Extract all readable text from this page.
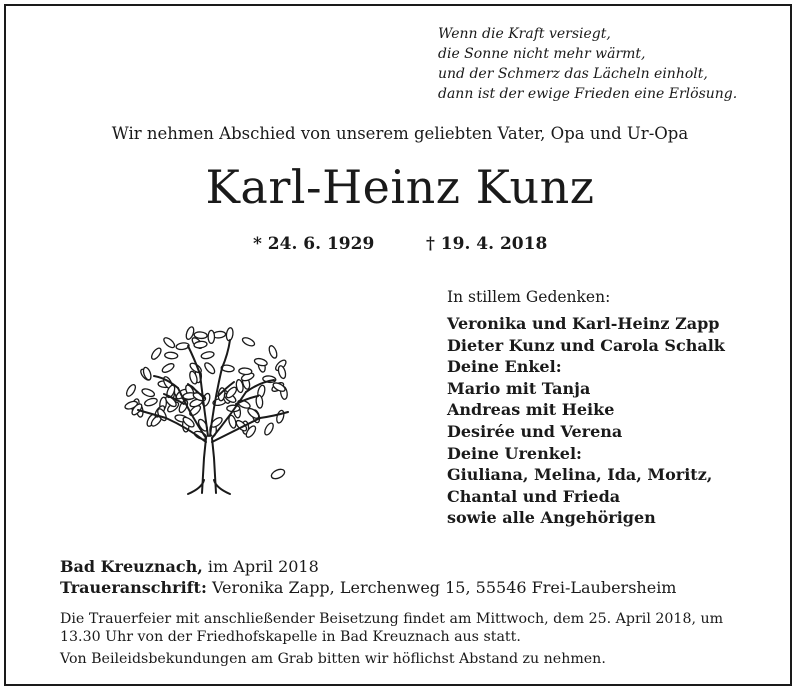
Wenn die Kraft versiegt,
die Sonne nicht mehr wärmt,
und der Schmerz das Lächeln einholt,
dann ist der ewige Frieden eine Erlösung.
Wir nehmen Abschied von unserem geliebten Vater, Opa und Ur-Opa
Karl-Heinz Kunz
* 24. 6. 1929	† 19. 4. 2018
In stillem Gedenken:
Veronika und Karl-Heinz Zapp
Dieter Kunz und Carola Schalk
Deine Enkel:
Mario mit Tanja
Andreas mit Heike
Desirée und Verena
Deine Urenkel:
Giuliana, Melina, Ida, Moritz,
Chantal und Frieda
sowie alle Angehörigen
Bad Kreuznach, im April 2018
Traueranschrift: Veronika Zapp, Lerchenweg 15, 55546 Frei-Laubersheim
Die Trauerfeier mit anschließender Beisetzung findet am Mittwoch, dem 25. April 2018, um 13.30 Uhr von der Friedhofskapelle in Bad Kreuznach aus statt.
Von Beileidsbekundungen am Grab bitten wir höflichst Abstand zu nehmen.
